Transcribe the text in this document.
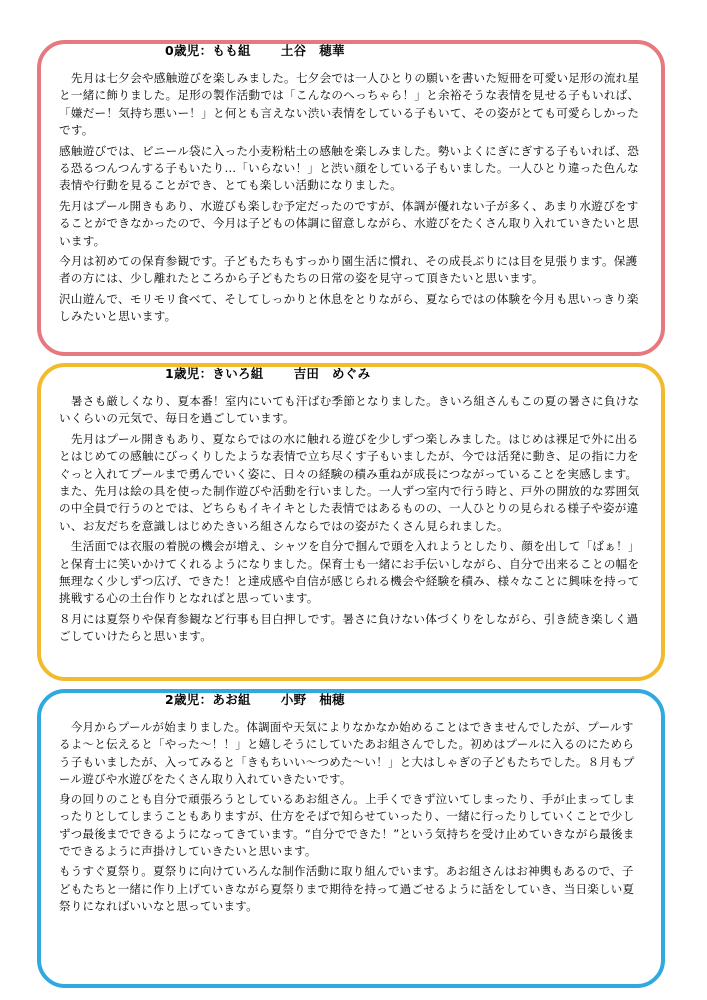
0歳児：もも組 土谷　穂華

　先月は七夕会や感触遊びを楽しみました。七夕会では一人ひとりの願いを書いた短冊を可愛い足形の流れ星と一緒に飾りました。足形の製作活動では「こんなのへっちゃら！」と余裕そうな表情を見せる子もいれば、「嫌だー！気持ち悪いー！」と何とも言えない渋い表情をしている子もいて、その姿がとても可愛らしかったです。

感触遊びでは、ビニール袋に入った小麦粉粘土の感触を楽しみました。勢いよくにぎにぎする子もいれば、恐る恐るつんつんする子もいたり…「いらない！」と渋い顔をしている子もいました。一人ひとり違った色んな表情や行動を見ることができ、とても楽しい活動になりました。

先月はプール開きもあり、水遊びも楽しむ予定だったのですが、体調が優れない子が多く、あまり水遊びをすることができなかったので、今月は子どもの体調に留意しながら、水遊びをたくさん取り入れていきたいと思います。

今月は初めての保育参観です。子どもたちもすっかり園生活に慣れ、その成長ぶりには目を見張ります。保護者の方には、少し離れたところから子どもたちの日常の姿を見守って頂きたいと思います。

沢山遊んで、モリモリ食べて、そしてしっかりと休息をとりながら、夏ならではの体験を今月も思いっきり楽しみたいと思います。

1歳児：きいろ組 吉田　めぐみ

　暑さも厳しくなり、夏本番！室内にいても汗ばむ季節となりました。きいろ組さんもこの夏の暑さに負けないくらいの元気で、毎日を過ごしています。

　先月はプール開きもあり、夏ならではの水に触れる遊びを少しずつ楽しみました。はじめは裸足で外に出るとはじめての感触にびっくりしたような表情で立ち尽くす子もいましたが、今では活発に動き、足の指に力をぐっと入れてプールまで勇んでいく姿に、日々の経験の積み重ねが成長につながっていることを実感します。また、先月は絵の具を使った制作遊びや活動を行いました。一人ずつ室内で行う時と、戸外の開放的な雰囲気の中全員で行うのとでは、どちらもイキイキとした表情ではあるものの、一人ひとりの見られる様子や姿が違い、お友だちを意識しはじめたきいろ組さんならではの姿がたくさん見られました。

　生活面では衣服の着脱の機会が増え、シャツを自分で掴んで頭を入れようとしたり、顔を出して「ばぁ！」と保育士に笑いかけてくれるようになりました。保育士も一緒にお手伝いしながら、自分で出来ることの幅を無理なく少しずつ広げ、できた！と達成感や自信が感じられる機会や経験を積み、様々なことに興味を持って挑戦する心の土台作りとなればと思っています。

８月には夏祭りや保育参観など行事も目白押しです。暑さに負けない体づくりをしながら、引き続き楽しく過ごしていけたらと思います。

2歳児：あお組 小野　柚穂

　今月からプールが始まりました。体調面や天気によりなかなか始めることはできませんでしたが、プールするよ～と伝えると「やった～！！」と嬉しそうにしていたあお組さんでした。初めはプールに入るのにためらう子もいましたが、入ってみると「きもちいい～つめた～い！」と大はしゃぎの子どもたちでした。８月もプール遊びや水遊びをたくさん取り入れていきたいです。

身の回りのことも自分で頑張ろうとしているあお組さん。上手くできず泣いてしまったり、手が止まってしまったりとしてしまうこともありますが、仕方をそばで知らせていったり、一緒に行ったりしていくことで少しずつ最後までできるようになってきています。“自分でできた！”という気持ちを受け止めていきながら最後までできるように声掛けしていきたいと思います。

もうすぐ夏祭り。夏祭りに向けていろんな制作活動に取り組んでいます。あお組さんはお神輿もあるので、子どもたちと一緒に作り上げていきながら夏祭りまで期待を持って過ごせるように話をしていき、当日楽しい夏祭りになればいいなと思っています。
